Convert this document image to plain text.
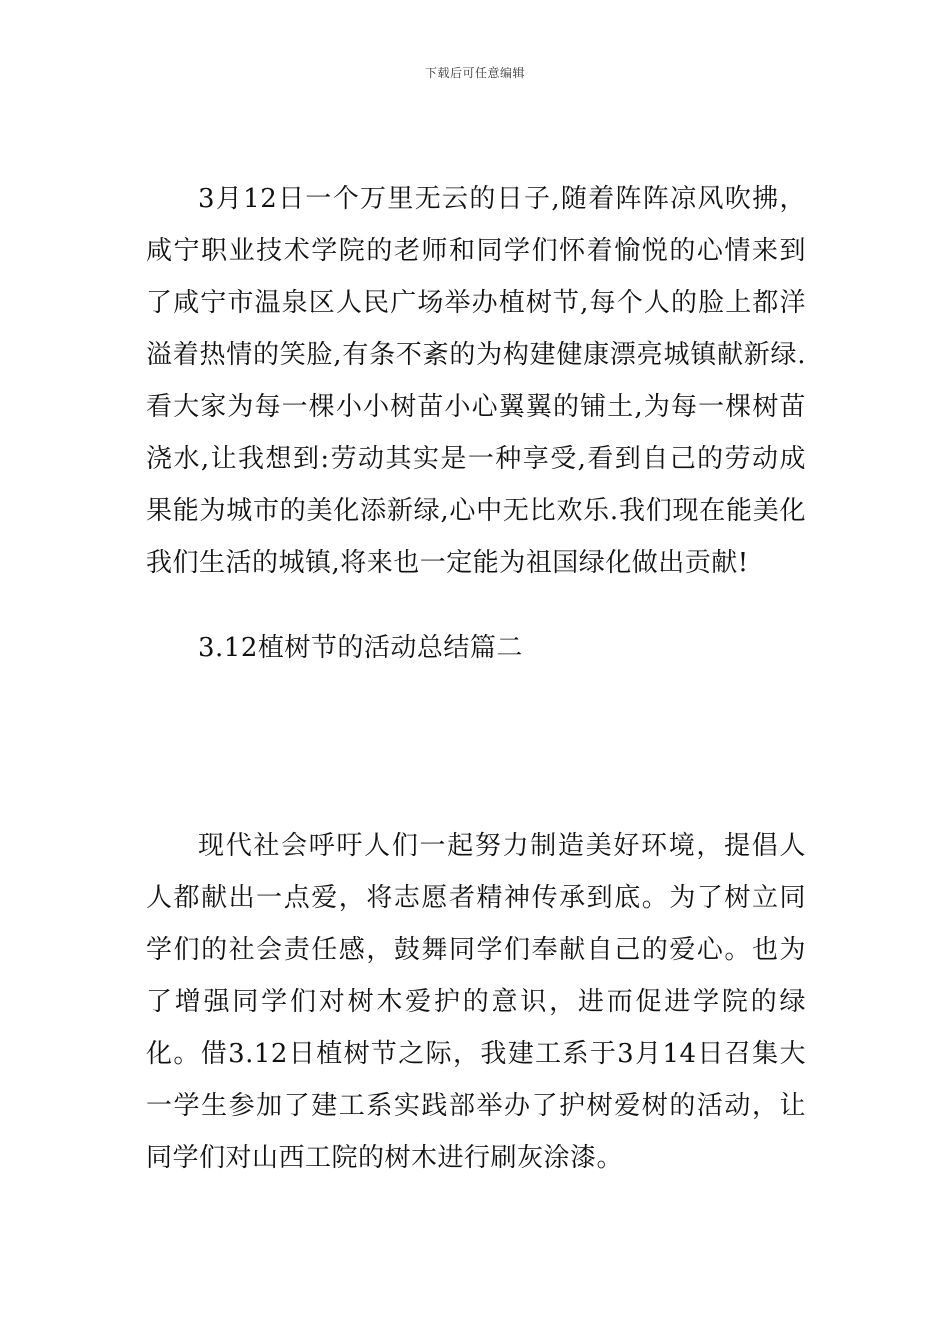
下载后可任意编辑

3月12日一个万里无云的日子,随着阵阵凉风吹拂，咸宁职业技术学院的老师和同学们怀着愉悦的心情来到了咸宁市温泉区人民广场举办植树节,每个人的脸上都洋溢着热情的笑脸,有条不紊的为构建健康漂亮城镇献新绿.看大家为每一棵小小树苗小心翼翼的铺土,为每一棵树苗浇水,让我想到:劳动其实是一种享受,看到自己的劳动成果能为城市的美化添新绿,心中无比欢乐.我们现在能美化我们生活的城镇,将来也一定能为祖国绿化做出贡献!

3.12植树节的活动总结篇二

现代社会呼吁人们一起努力制造美好环境，提倡人人都献出一点爱，将志愿者精神传承到底。为了树立同学们的社会责任感，鼓舞同学们奉献自己的爱心。也为了增强同学们对树木爱护的意识，进而促进学院的绿化。借3.12日植树节之际，我建工系于3月14日召集大一学生参加了建工系实践部举办了护树爱树的活动，让同学们对山西工院的树木进行刷灰涂漆。
